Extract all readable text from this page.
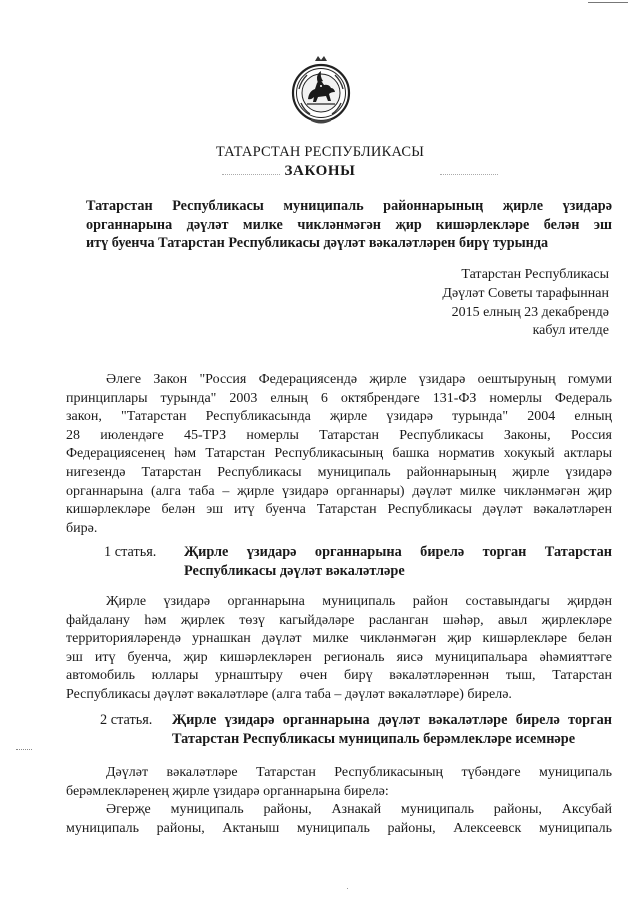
ТАТАРСТАН РЕСПУБЛИКАСЫ
ЗАКОНЫ
Татарстан Республикасы муниципаль районнарының җирле үзидарә
органнарына дәүләт милке чикләнмәгән җир кишәрлекләре белән эш
итү буенча Татарстан Республикасы дәүләт вәкаләтләрен бирү турында
Татарстан Республикасы
Дәүләт Советы тарафыннан
2015 елның 23 декабрендә
кабул ителде
Әлеге Закон "Россия Федерациясендә җирле үзидарә оештыруның гомуми
принциплары турында" 2003 елның 6 октябрендәге 131-ФЗ номерлы Федераль
закон, "Татарстан Республикасында җирле үзидарә турында" 2004 елның
28 июлендәге 45-ТРЗ номерлы Татарстан Республикасы Законы, Россия
Федерациясенең һәм Татарстан Республикасының башка норматив хокукый актлары
нигезендә Татарстан Республикасы муниципаль районнарының җирле үзидарә
органнарына (алга таба – җирле үзидарә органнары) дәүләт милке чикләнмәгән җир
кишәрлекләре белән эш итү буенча Татарстан Республикасы дәүләт вәкаләтләрен
бирә.
1 статья. Җирле үзидарә органнарына бирелә торган Татарстан
Республикасы дәүләт вәкаләтләре
Җирле үзидарә органнарына муниципаль район составындагы җирдән
файдалану һәм җирлек төзү кагыйдәләре расланган шәһәр, авыл җирлекләре
территорияләрендә урнашкан дәүләт милке чикләнмәгән җир кишәрлекләре белән
эш итү буенча, җир кишәрлекләрен региональ яисә муниципальара әһәмияттәге
автомобиль юллары урнаштыру өчен бирү вәкаләтләреннән тыш, Татарстан
Республикасы дәүләт вәкаләтләре (алга таба – дәүләт вәкаләтләре) бирелә.
2 статья. Җирле үзидарә органнарына дәүләт вәкаләтләре бирелә торган
Татарстан Республикасы муниципаль берәмлекләре исемнәре
Дәүләт вәкаләтләре Татарстан Республикасының түбәндәге муниципаль
берәмлекләренең җирле үзидарә органнарына бирелә:
Әгерҗе муниципаль районы, Азнакай муниципаль районы, Аксубай
муниципаль районы, Актаныш муниципаль районы, Алексеевск муниципаль
